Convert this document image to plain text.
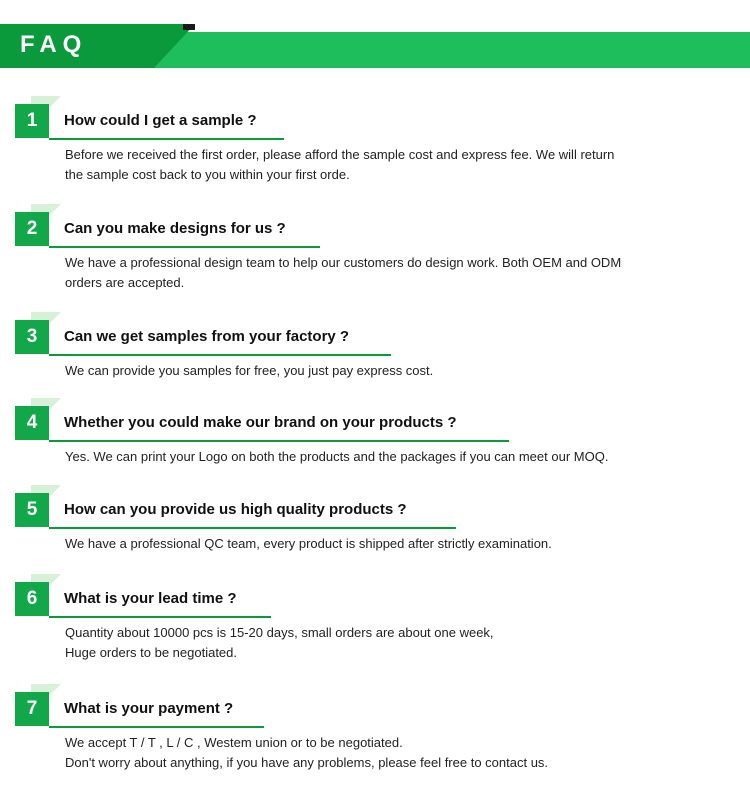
FAQ
1	How could I get a sample ?
Before we received the first order, please afford the sample cost and express fee. We will return
the sample cost back to you within your first orde.
2	Can you make designs for us ?
We have a professional design team to help our customers do design work. Both OEM and ODM
orders are accepted.
3	Can we get samples from your factory ?
We can provide you samples for free, you just pay express cost.
4	Whether you could make our brand on your products ?
Yes. We can print your Logo on both the products and the packages if you can meet our MOQ.
5	How can you provide us high quality products ?
We have a professional QC team, every product is shipped after strictly examination.
6	What is your lead time ?
Quantity about 10000 pcs is 15-20 days, small orders are about one week,
Huge orders to be negotiated.
7	What is your payment ?
We accept T / T , L / C , Westem union or to be negotiated.
Don't worry about anything, if you have any problems, please feel free to contact us.
